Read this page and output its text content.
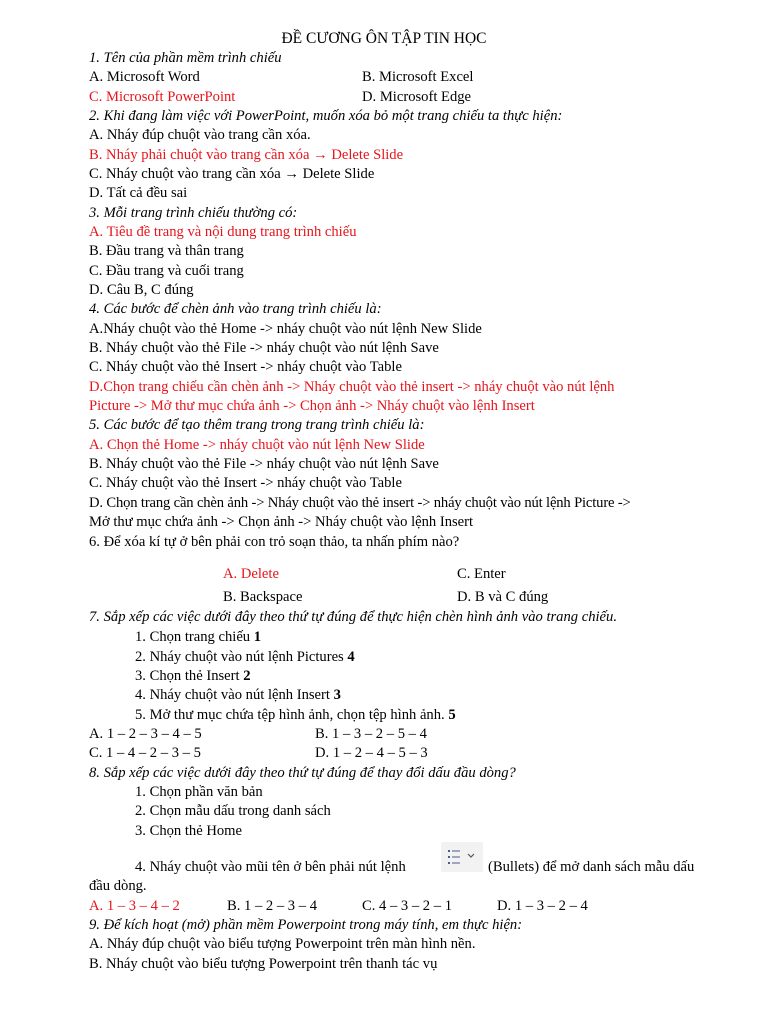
ĐỀ CƯƠNG ÔN TẬP TIN HỌC
1. Tên của phần mềm trình chiếu
A. Microsoft Word	B. Microsoft Excel
C. Microsoft PowerPoint	D. Microsoft Edge
2. Khi đang làm việc với PowerPoint, muốn xóa bỏ một trang chiếu ta thực hiện:
A. Nháy đúp chuột vào trang cần xóa.
B. Nháy phải chuột vào trang cần xóa → Delete Slide
C. Nháy chuột vào trang cần xóa → Delete Slide
D. Tất cả đều sai
3. Mỗi trang trình chiếu thường có:
A. Tiêu đề trang và nội dung trang trình chiếu
B. Đầu trang và thân trang
C. Đầu trang và cuối trang
D. Câu B, C đúng
4. Các bước để chèn ảnh vào trang trình chiếu là:
A.Nháy chuột vào thẻ Home -> nháy chuột vào nút lệnh New Slide
B. Nháy chuột vào thẻ File -> nháy chuột vào nút lệnh Save
C. Nháy chuột vào thẻ Insert -> nháy chuột vào Table
D.Chọn trang chiếu cần chèn ảnh -> Nháy chuột vào thẻ insert -> nháy chuột vào nút lệnh
Picture -> Mở thư mục chứa ảnh -> Chọn ảnh -> Nháy chuột vào lệnh Insert
5. Các bước để tạo thêm trang trong trang trình chiếu là:
A. Chọn thẻ Home -> nháy chuột vào nút lệnh New Slide
B. Nháy chuột vào thẻ File -> nháy chuột vào nút lệnh Save
C. Nháy chuột vào thẻ Insert -> nháy chuột vào Table
D. Chọn trang cần chèn ảnh -> Nháy chuột vào thẻ insert -> nháy chuột vào nút lệnh Picture ->
Mở thư mục chứa ảnh -> Chọn ảnh -> Nháy chuột vào lệnh Insert
6. Để xóa kí tự ở bên phải con trỏ soạn thảo, ta nhấn phím nào?
A. Delete	C. Enter
B. Backspace	D. B và C đúng
7. Sắp xếp các việc dưới đây theo thứ tự đúng để thực hiện chèn hình ảnh vào trang chiếu.
1. Chọn trang chiếu 1
2. Nháy chuột vào nút lệnh Pictures 4
3. Chọn thẻ Insert 2
4. Nháy chuột vào nút lệnh Insert 3
5. Mở thư mục chứa tệp hình ảnh, chọn tệp hình ảnh. 5
A. 1 – 2 – 3 – 4 – 5	B. 1 – 3 – 2 – 5 – 4
C. 1 – 4 – 2 – 3 – 5	D. 1 – 2 – 4 – 5 – 3
8. Sắp xếp các việc dưới đây theo thứ tự đúng để thay đổi dấu đầu dòng?
1. Chọn phần văn bản
2. Chọn mẫu dấu trong danh sách
3. Chọn thẻ Home
4. Nháy chuột vào mũi tên ở bên phải nút lệnh	(Bullets) để mở danh sách mẫu dấu
đầu dòng.
A. 1 – 3 – 4 – 2	B. 1 – 2 – 3 – 4	C. 4 – 3 – 2 – 1	D. 1 – 3 – 2 – 4
9. Để kích hoạt (mở) phần mềm Powerpoint trong máy tính, em thực hiện:
A. Nháy đúp chuột vào biểu tượng Powerpoint trên màn hình nền.
B. Nháy chuột vào biểu tượng Powerpoint trên thanh tác vụ
